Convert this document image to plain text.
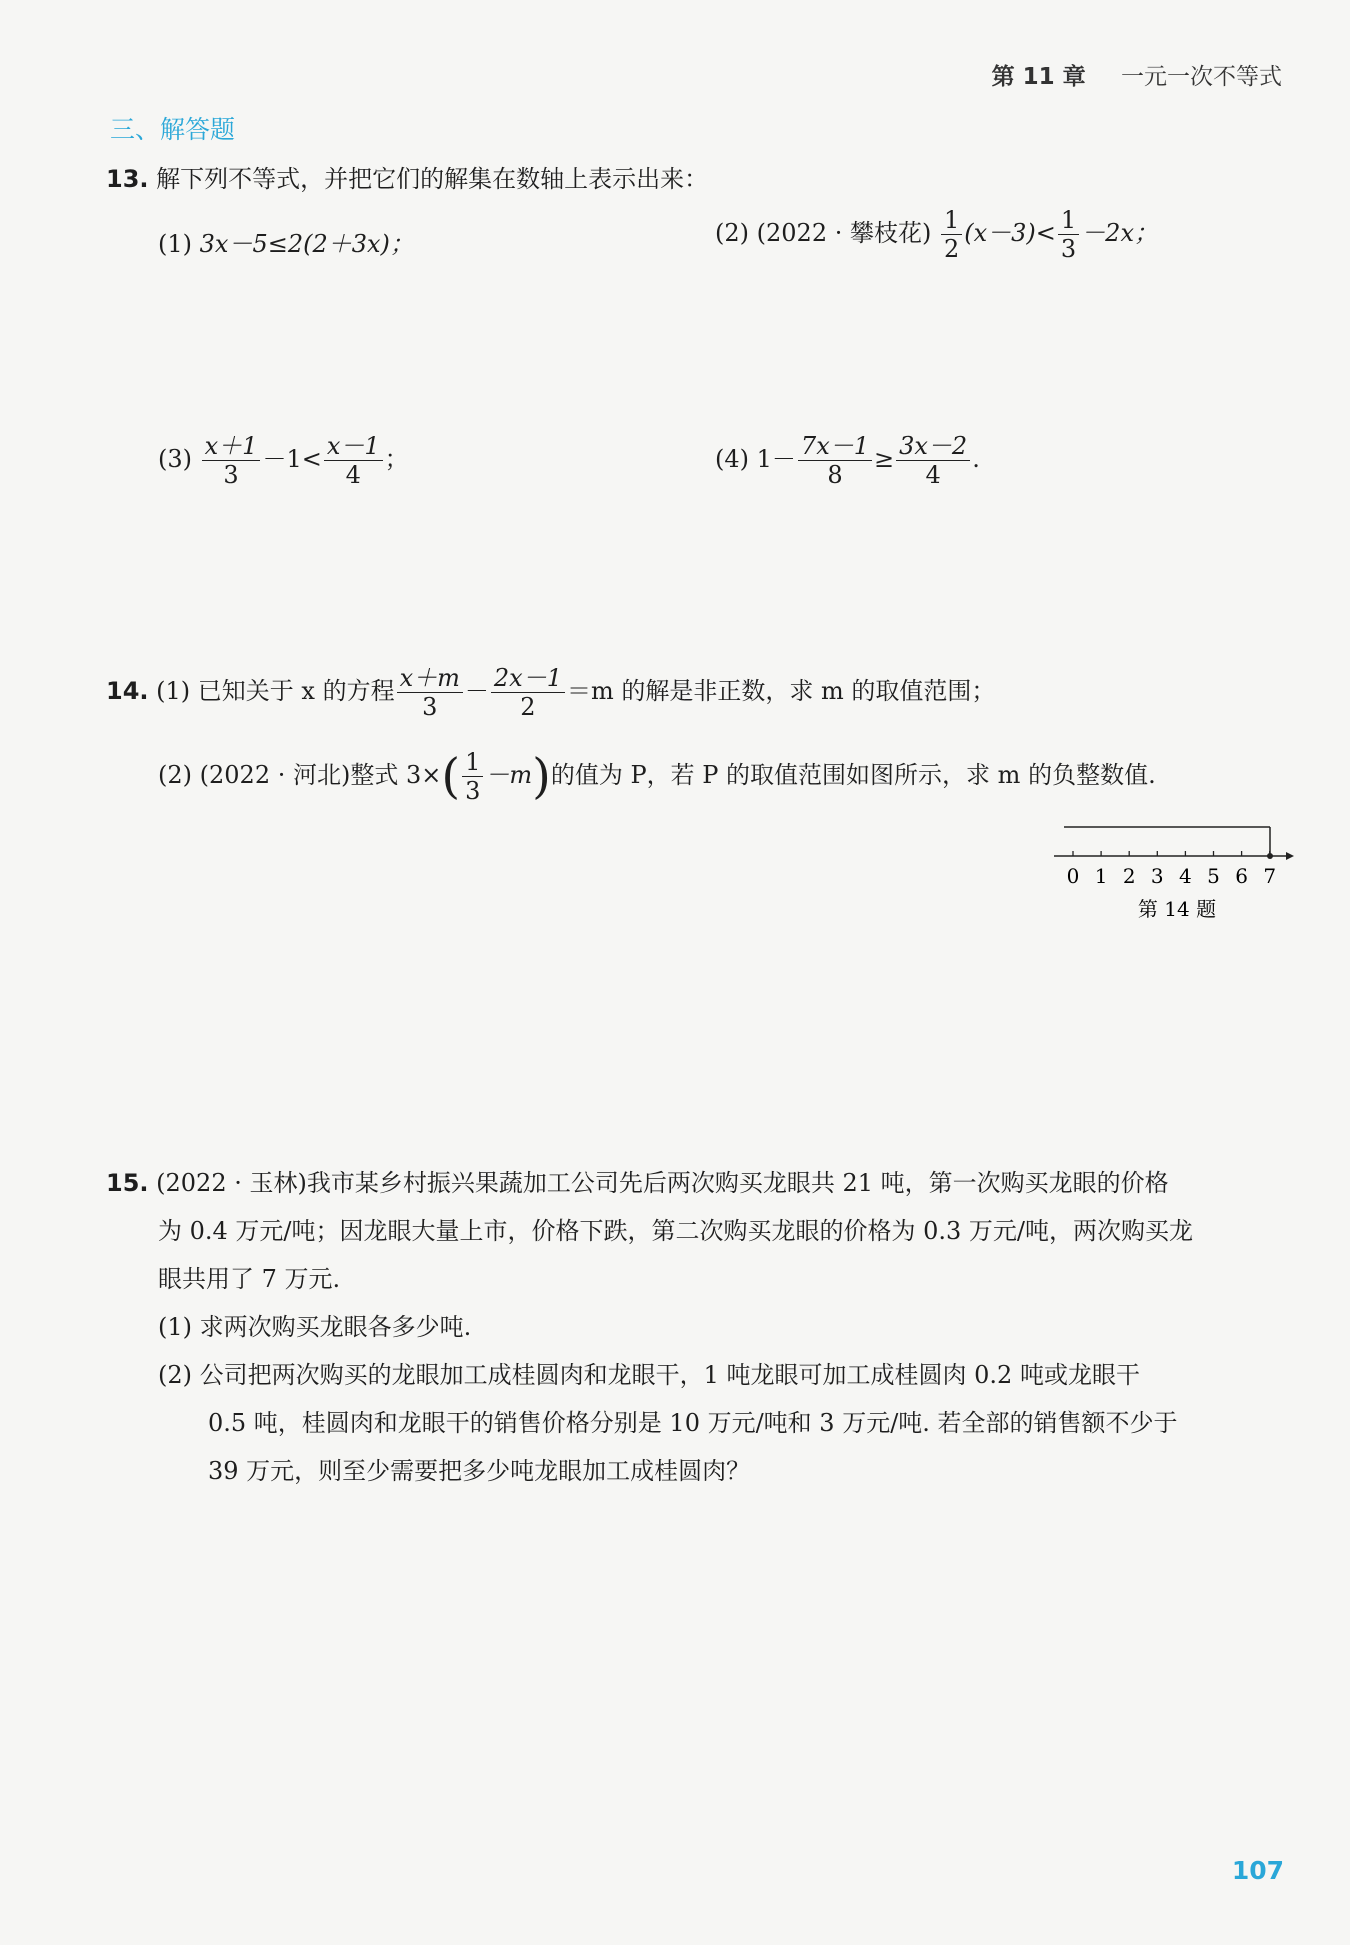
第 11 章 一元一次不等式
三、解答题
13. 解下列不等式，并把它们的解集在数轴上表示出来：
(1) 3x－5≤2(2＋3x)；	(2) (2022 · 攀枝花) $\frac{1}{2} (x-3)< \frac{1}{3} -2x$；
$(3) \frac{x+1}{3} -1< \frac{x-1}{4}$ ；	(4) $1- \frac{7x-1}{8} \ge \frac{3x-2}{4}$ .
14. (1) 已知关于 x 的方程 $\frac{x+m}{3} - \frac{2x-1}{2} =m$ 的解是非正数，求 m 的取值范围；
(2) (2022 · 河北)整式 $3\times( \frac{1}{3} -m)$的值为 P，若 P 的取值范围如图所示，求 m 的负整数值.
0 1 2 3 4 5 6 7
第 14 题
15. (2022 · 玉林)我市某乡村振兴果蔬加工公司先后两次购买龙眼共 21 吨，第一次购买龙眼的价格
为 0.4 万元/吨；因龙眼大量上市，价格下跌，第二次购买龙眼的价格为 0.3 万元/吨，两次购买龙
眼共用了 7 万元.
(1) 求两次购买龙眼各多少吨.
(2) 公司把两次购买的龙眼加工成桂圆肉和龙眼干，1 吨龙眼可加工成桂圆肉 0.2 吨或龙眼干
0.5 吨，桂圆肉和龙眼干的销售价格分别是 10 万元/吨和 3 万元/吨. 若全部的销售额不少于
39 万元，则至少需要把多少吨龙眼加工成桂圆肉？
107
